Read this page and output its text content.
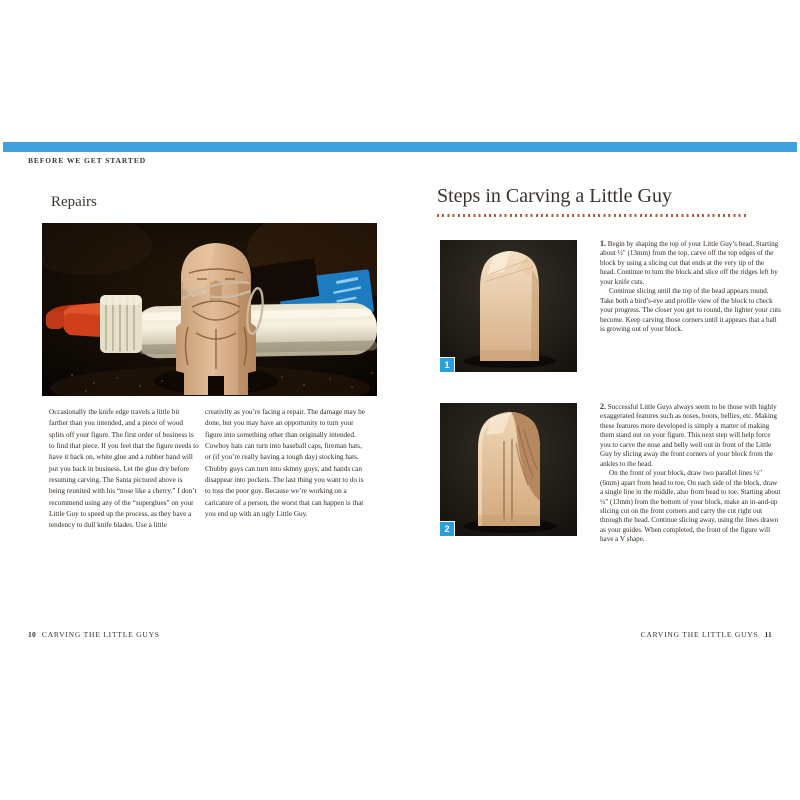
BEFORE WE GET STARTED
Repairs
Occasionally the knife edge travels a little bit farther than you intended, and a piece of wood splits off your figure. The first order of business is to find that piece. If you feel that the figure needs to have it back on, white glue and a rubber band will put you back in business. Let the glue dry before resuming carving. The Santa pictured above is being reunited with his “nose like a cherry.” I don’t recommend using any of the “superglues” on your Little Guy to speed up the process, as they have a tendency to dull knife blades. Use a little
creativity as you’re facing a repair. The damage may be done, but you may have an opportunity to turn your figure into something other than originally intended. Cowboy hats can turn into baseball caps, fireman hats, or (if you’re really having a tough day) stocking hats. Chubby guys can turn into skinny guys, and hands can disappear into pockets. The last thing you want to do is to toss the poor guy. Because we’re working on a caricature of a person, the worst that can happen is that you end up with an ugly Little Guy.
Steps in Carving a Little Guy
1

1. Begin by shaping the top of your Little Guy’s head. Starting about ½" (13mm) from the top, carve off the top edges of the block by using a slicing cut that ends at the very tip of the head. Continue to turn the block and slice off the ridges left by your knife cuts.

Continue slicing until the top of the head appears round. Take both a bird’s-eye and profile view of the block to check your progress. The closer you get to round, the lighter your cuts become. Keep carving those corners until it appears that a ball is growing out of your block.

2

2. Successful Little Guys always seem to be those with highly exaggerated features such as noses, boots, bellies, etc. Making these features more developed is simply a matter of making them stand out on your figure. This next step will help force you to carve the nose and belly well out in front of the Little Guy by slicing away the front corners of your block from the ankles to the head.

On the front of your block, draw two parallel lines ¼" (6mm) apart from head to toe. On each side of the block, draw a single line in the middle, also from head to toe. Starting about ½" (13mm) from the bottom of your block, make an in-and-up slicing cut on the front corners and carry the cut right out through the head. Continue slicing away, using the lines drawn as your guides. When completed, the front of the figure will have a V shape.

10 CARVING THE LITTLE GUYS	CARVING THE LITTLE GUYS 11
